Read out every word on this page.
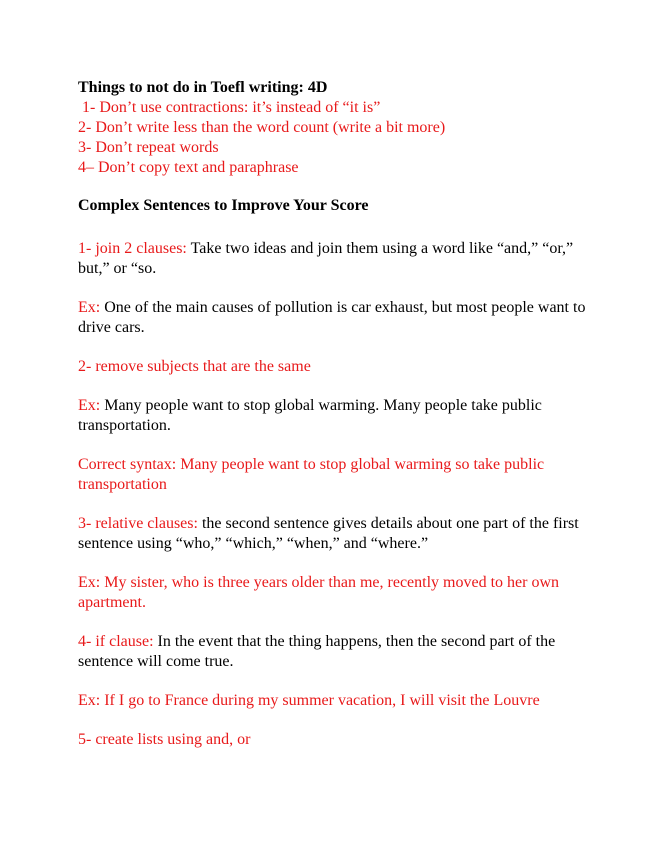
Things to not do in Toefl writing: 4D

1- Don’t use contractions: it’s instead of “it is”
2- Don’t write less than the word count (write a bit more)
3- Don’t repeat words
4– Don’t copy text and paraphrase

Complex Sentences to Improve Your Score

1- join 2 clauses: Take two ideas and join them using a word like “and,” “or,” but,” or “so.

Ex: One of the main causes of pollution is car exhaust, but most people want to drive cars.

2- remove subjects that are the same

Ex: Many people want to stop global warming. Many people take public transportation.

Correct syntax: Many people want to stop global warming so take public transportation

3- relative clauses: the second sentence gives details about one part of the first sentence using “who,” “which,” “when,” and “where.”

Ex: My sister, who is three years older than me, recently moved to her own apartment.

4- if clause: In the event that the thing happens, then the second part of the sentence will come true.

Ex: If I go to France during my summer vacation, I will visit the Louvre

5- create lists using and, or
